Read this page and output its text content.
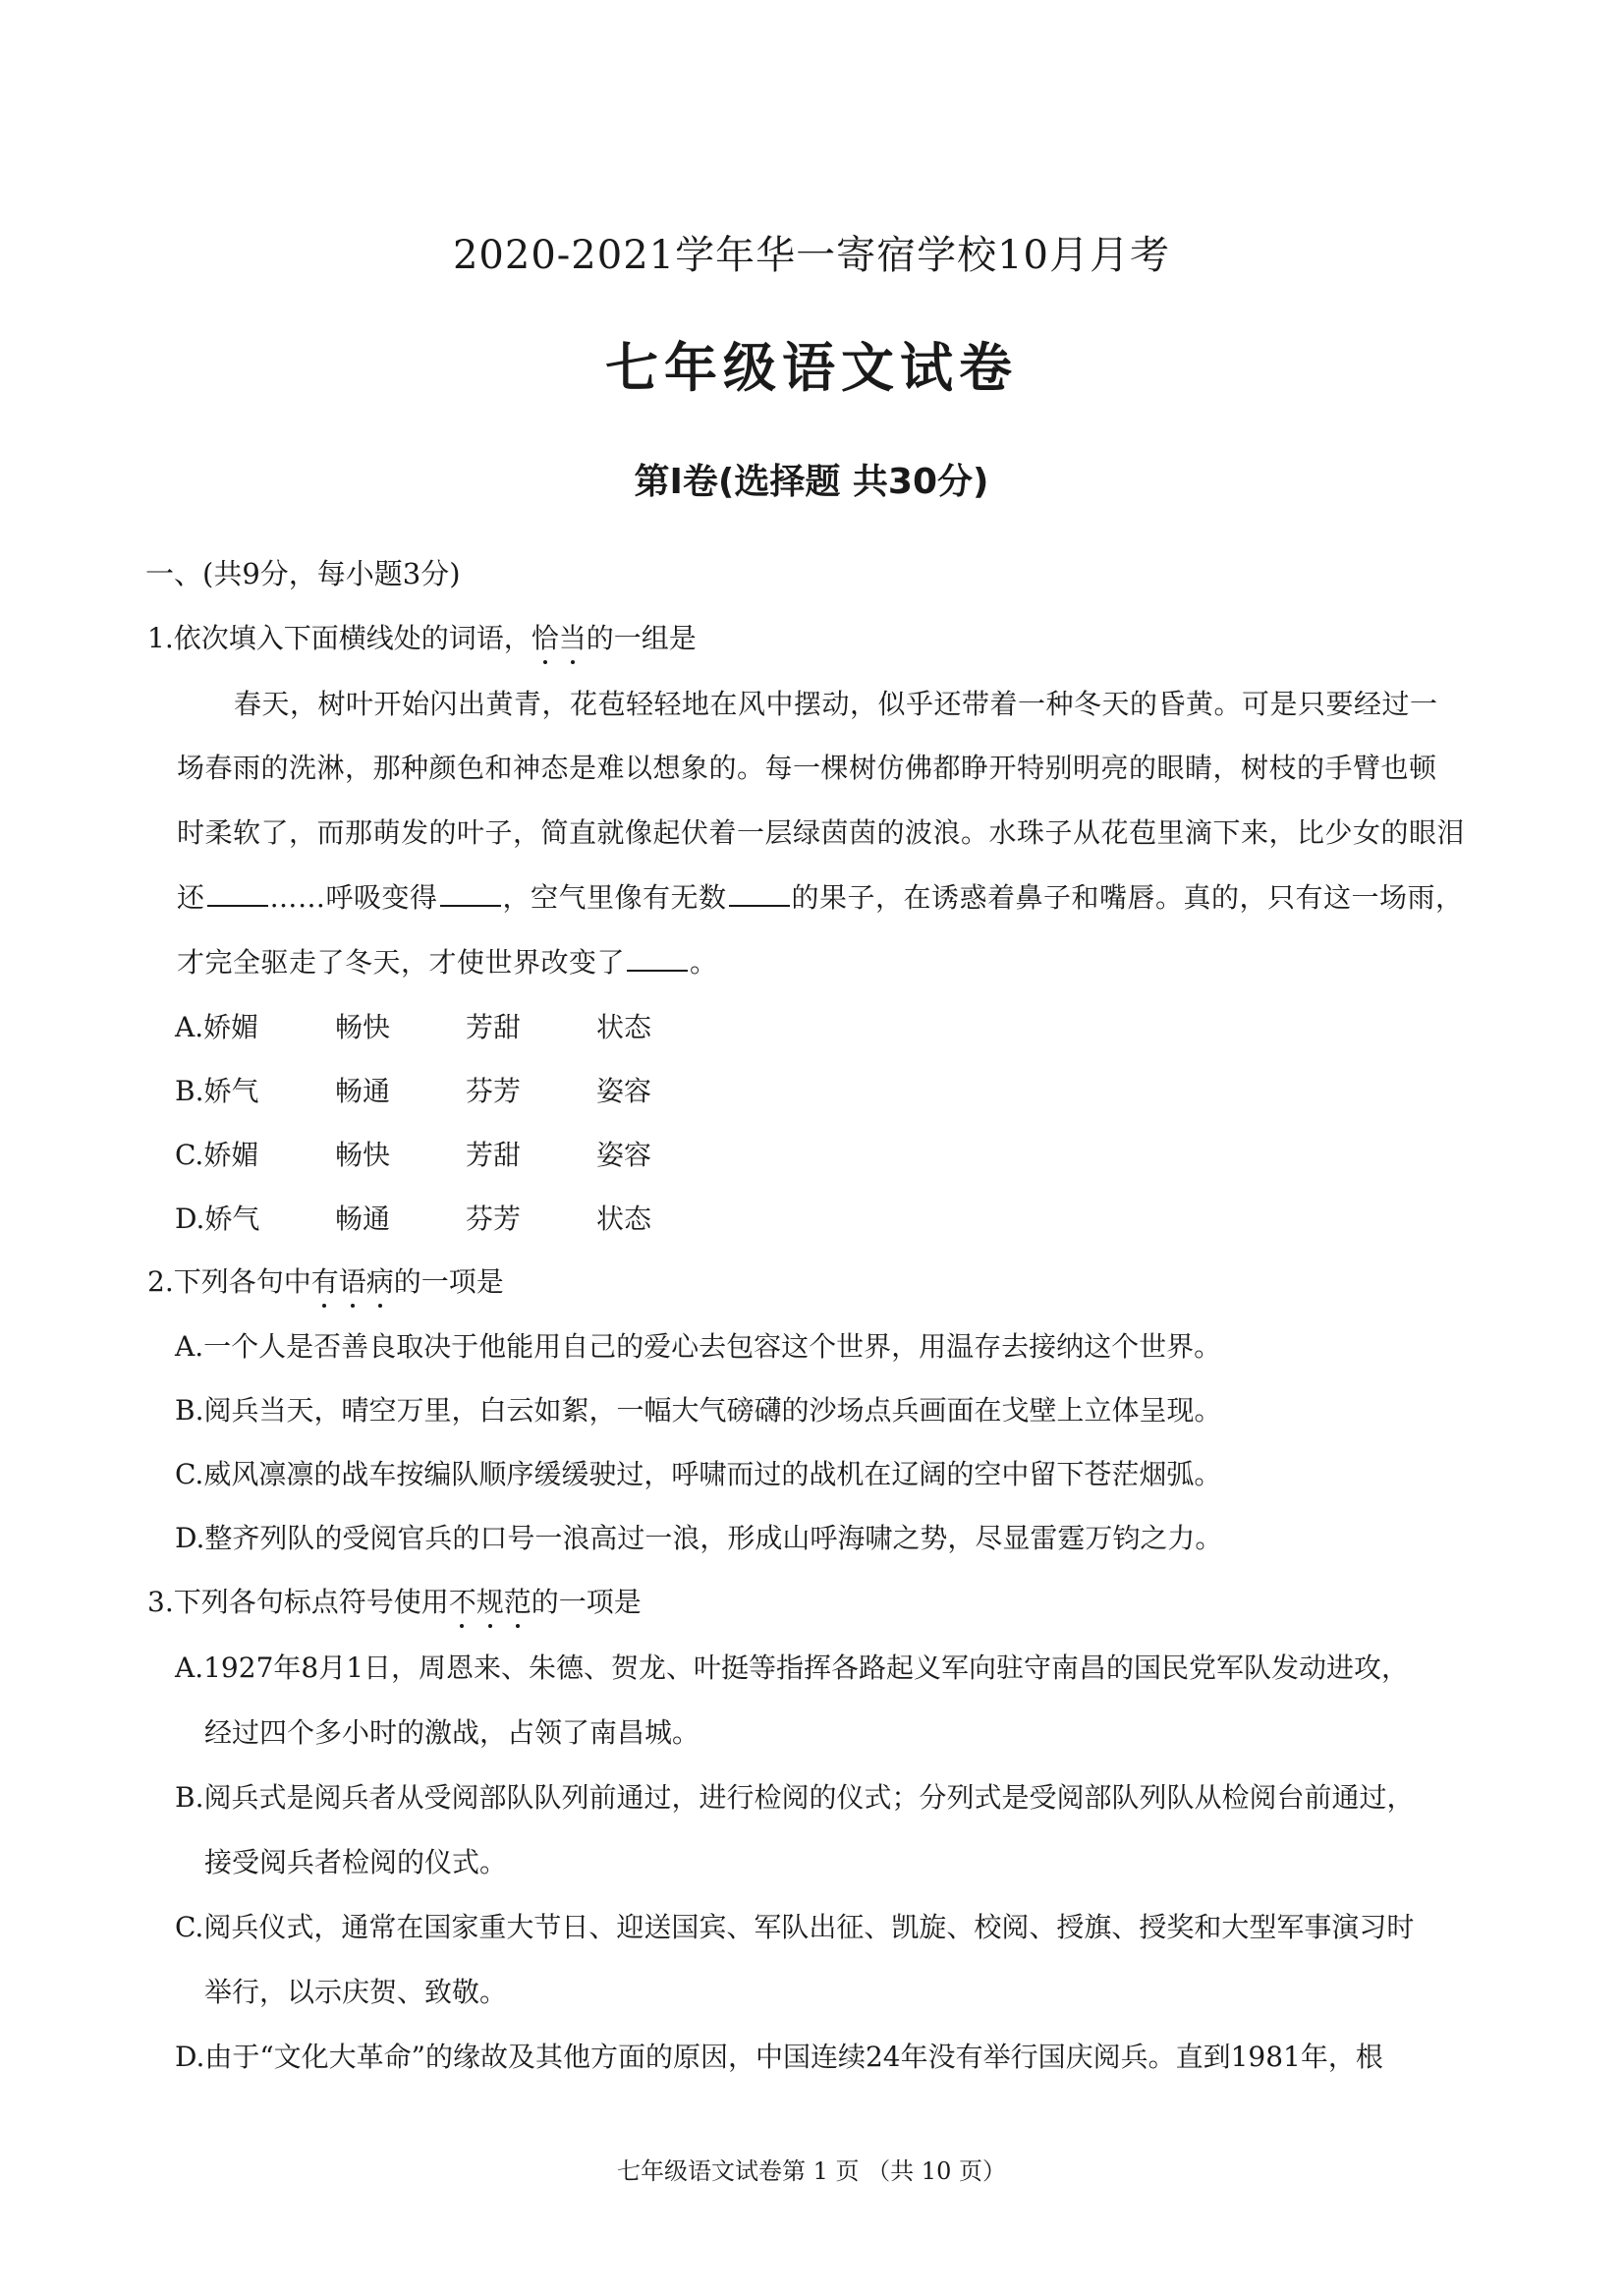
2020-2021学年华一寄宿学校10月月考
七年级语文试卷
第Ⅰ卷(选择题 共30分)
一、(共9分，每小题3分)
1.依次填入下面横线处的词语，恰当
的一组是
春天，树叶开始闪出黄青，花苞轻轻地在风中摆动，似乎还带着一种冬天的昏黄。可是只要经过一
场春雨的洗淋，那种颜色和神态是难以想象的。每一棵树仿佛都睁开特别明亮的眼睛，树枝的手臂也顿
时柔软了，而那萌发的叶子，简直就像起伏着一层绿茵茵的波浪。水珠子从花苞里滴下来，比少女的眼泪
还 ……呼吸变得 ，空气里像有无数 的果子，在诱惑着鼻子和嘴唇。真的，只有这一场雨，
才完全驱走了冬天，才使世界改变了 。
A.娇媚	畅快	芳甜	状态
B.娇气	畅通	芬芳	姿容
C.娇媚	畅快	芳甜	姿容
D.娇气	畅通	芬芳	状态
2.下列各句中有语病
的一项是
A.一个人是否善良取决于他能用自己的爱心去包容这个世界，用温存去接纳这个世界。
B.阅兵当天，晴空万里，白云如絮，一幅大气磅礴的沙场点兵画面在戈壁上立体呈现。
C.威风凛凛的战车按编队顺序缓缓驶过，呼啸而过的战机在辽阔的空中留下苍茫烟弧。
D.整齐列队的受阅官兵的口号一浪高过一浪，形成山呼海啸之势，尽显雷霆万钧之力。
3.下列各句标点符号使用不规范
的一项是
A.1927年8月1日，周恩来、朱德、贺龙、叶挺等指挥各路起义军向驻守南昌的国民党军队发动进攻，
经过四个多小时的激战，占领了南昌城。
B.阅兵式是阅兵者从受阅部队队列前通过，进行检阅的仪式；分列式是受阅部队列队从检阅台前通过，
接受阅兵者检阅的仪式。
C.阅兵仪式，通常在国家重大节日、迎送国宾、军队出征、凯旋、校阅、授旗、授奖和大型军事演习时
举行，以示庆贺、致敬。
D.由于“文化大革命”的缘故及其他方面的原因，中国连续24年没有举行国庆阅兵。直到1981年，根
七年级语文试卷第 1 页 （共 10 页）
